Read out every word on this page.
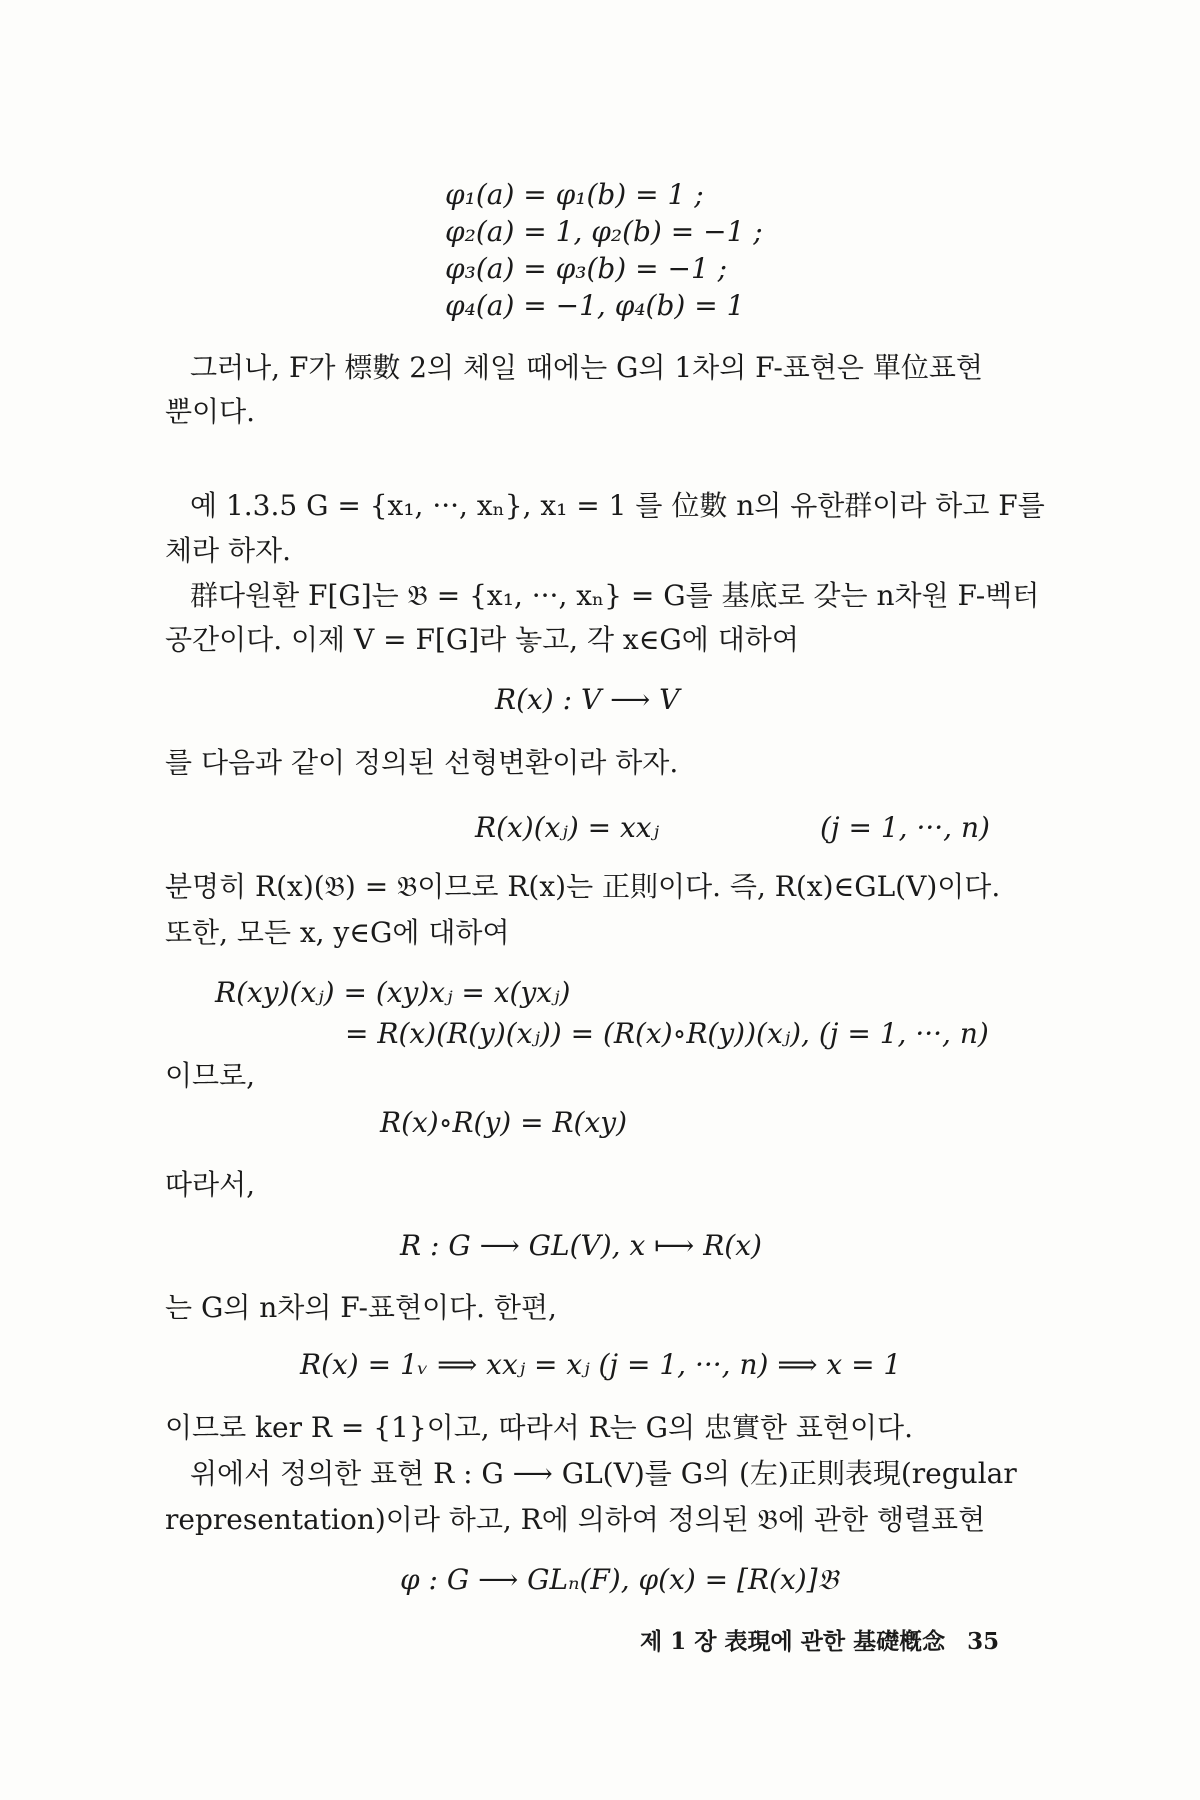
φ₁(a) = φ₁(b) = 1 ;
φ₂(a) = 1, φ₂(b) = −1 ;
φ₃(a) = φ₃(b) = −1 ;
φ₄(a) = −1, φ₄(b) = 1
그러나, F가 標數 2의 체일 때에는 G의 1차의 F-표현은 單位표현
뿐이다.
예 1.3.5 G = {x₁, ···, xₙ}, x₁ = 1 를 位數 n의 유한群이라 하고 F를
체라 하자.
群다원환 F[G]는 𝔅 = {x₁, ···, xₙ} = G를 基底로 갖는 n차원 F-벡터
공간이다. 이제 V = F[G]라 놓고, 각 x∈G에 대하여
R(x) : V ⟶ V
를 다음과 같이 정의된 선형변환이라 하자.
R(x)(xⱼ) = xxⱼ	(j = 1, ···, n)
분명히 R(x)(𝔅) = 𝔅이므로 R(x)는 正則이다. 즉, R(x)∈GL(V)이다.
또한, 모든 x, y∈G에 대하여
R(xy)(xⱼ) = (xy)xⱼ = x(yxⱼ)
= R(x)(R(y)(xⱼ)) = (R(x)∘R(y))(xⱼ), (j = 1, ···, n)
이므로,
R(x)∘R(y) = R(xy)
따라서,
R : G ⟶ GL(V), x ⟼ R(x)
는 G의 n차의 F-표현이다. 한편,
R(x) = 1ᵥ ⟹ xxⱼ = xⱼ (j = 1, ···, n) ⟹ x = 1
이므로 ker R = {1}이고, 따라서 R는 G의 忠實한 표현이다.
위에서 정의한 표현 R : G ⟶ GL(V)를 G의 (左)正則表現(regular
representation)이라 하고, R에 의하여 정의된 𝔅에 관한 행렬표현
φ : G ⟶ GLₙ(F), φ(x) = [R(x)]𝔅
제 1 장 表現에 관한 基礎槪念 35
